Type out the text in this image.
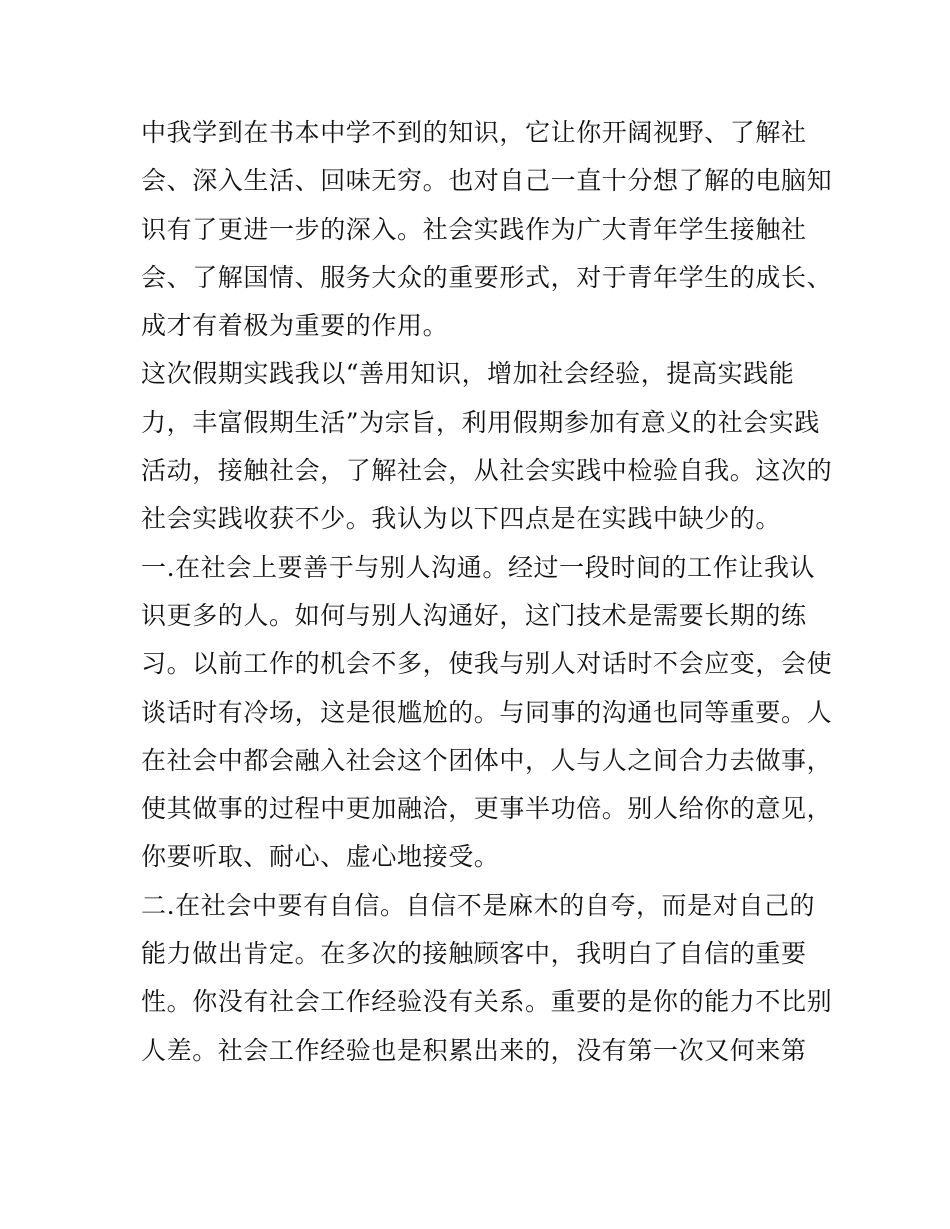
中我学到在书本中学不到的知识，它让你开阔视野、了解社
会、深入生活、回味无穷。也对自己一直十分想了解的电脑知
识有了更进一步的深入。社会实践作为广大青年学生接触社
会、了解国情、服务大众的重要形式，对于青年学生的成长、
成才有着极为重要的作用。
这次假期实践我以“善用知识，增加社会经验，提高实践能
力，丰富假期生活”为宗旨，利用假期参加有意义的社会实践
活动，接触社会，了解社会，从社会实践中检验自我。这次的
社会实践收获不少。我认为以下四点是在实践中缺少的。
一.在社会上要善于与别人沟通。经过一段时间的工作让我认
识更多的人。如何与别人沟通好，这门技术是需要长期的练
习。以前工作的机会不多，使我与别人对话时不会应变，会使
谈话时有冷场，这是很尴尬的。与同事的沟通也同等重要。人
在社会中都会融入社会这个团体中，人与人之间合力去做事，
使其做事的过程中更加融洽，更事半功倍。别人给你的意见，
你要听取、耐心、虚心地接受。
二.在社会中要有自信。自信不是麻木的自夸，而是对自己的
能力做出肯定。在多次的接触顾客中，我明白了自信的重要
性。你没有社会工作经验没有关系。重要的是你的能力不比别
人差。社会工作经验也是积累出来的，没有第一次又何来第
